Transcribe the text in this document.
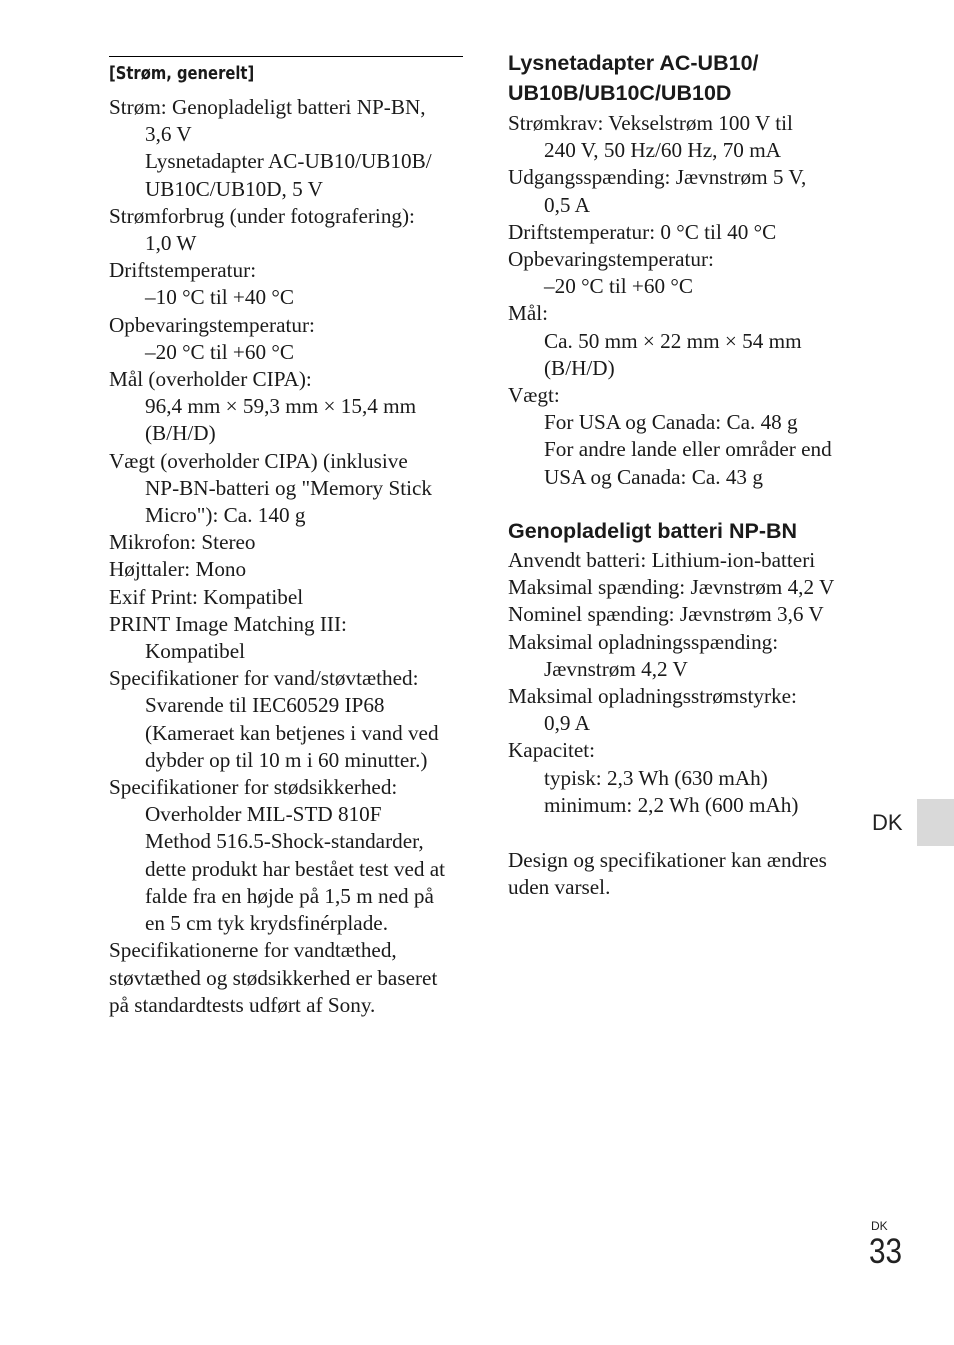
[Strøm, generelt]

Strøm: Genopladeligt batteri NP-BN,

3,6 V

Lysnetadapter AC-UB10/UB10B/

UB10C/UB10D, 5 V

Strømforbrug (under fotografering):

1,0 W

Driftstemperatur:

–10 °C til +40 °C

Opbevaringstemperatur:

–20 °C til +60 °C

Mål (overholder CIPA):

96,4 mm × 59,3 mm × 15,4 mm

(B/H/D)

Vægt (overholder CIPA) (inklusive

NP-BN-batteri og "Memory Stick

Micro"): Ca. 140 g

Mikrofon: Stereo

Højttaler: Mono

Exif Print: Kompatibel

PRINT Image Matching III:

Kompatibel

Specifikationer for vand/støvtæthed:

Svarende til IEC60529 IP68

(Kameraet kan betjenes i vand ved

dybder op til 10 m i 60 minutter.)

Specifikationer for stødsikkerhed:

Overholder MIL-STD 810F

Method 516.5-Shock-standarder,

dette produkt har bestået test ved at

falde fra en højde på 1,5 m ned på

en 5 cm tyk krydsfinérplade.

Specifikationerne for vandtæthed,

støvtæthed og stødsikkerhed er baseret

på standardtests udført af Sony.

Lysnetadapter AC-UB10/

UB10B/UB10C/UB10D

Strømkrav: Vekselstrøm 100 V til

240 V, 50 Hz/60 Hz, 70 mA

Udgangsspænding: Jævnstrøm 5 V,

0,5 A

Driftstemperatur: 0 °C til 40 °C

Opbevaringstemperatur:

–20 °C til +60 °C

Mål:

Ca. 50 mm × 22 mm × 54 mm

(B/H/D)

Vægt:

For USA og Canada: Ca. 48 g

For andre lande eller områder end

USA og Canada: Ca. 43 g

Genopladeligt batteri NP-BN

Anvendt batteri: Lithium-ion-batteri

Maksimal spænding: Jævnstrøm 4,2 V

Nominel spænding: Jævnstrøm 3,6 V

Maksimal opladningsspænding:

Jævnstrøm 4,2 V

Maksimal opladningsstrømstyrke:

0,9 A

Kapacitet:

typisk: 2,3 Wh (630 mAh)

minimum: 2,2 Wh (600 mAh)

Design og specifikationer kan ændres

uden varsel.

DK
DK
33
